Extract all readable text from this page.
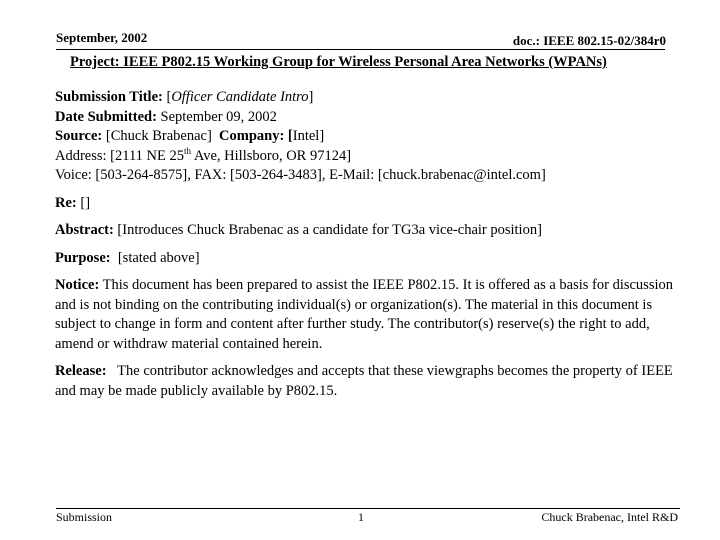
September, 2002	doc.: IEEE 802.15-02/384r0
Project: IEEE P802.15 Working Group for Wireless Personal Area Networks (WPANs)

Submission Title: [Officer Candidate Intro]

Date Submitted: September 09, 2002

Source: [Chuck Brabenac] Company: [Intel]

Address: [2111 NE 25th Ave, Hillsboro, OR 97124]

Voice: [503-264-8575], FAX: [503-264-3483], E-Mail: [chuck.brabenac@intel.com]

Re: []

Abstract: [Introduces Chuck Brabenac as a candidate for TG3a vice-chair position]

Purpose: [stated above]

Notice: This document has been prepared to assist the IEEE P802.15. It is offered as a basis for discussion and is not binding on the contributing individual(s) or organization(s). The material in this document is subject to change in form and content after further study. The contributor(s) reserve(s) the right to add, amend or withdraw material contained herein.

Release: The contributor acknowledges and accepts that these viewgraphs becomes the property of IEEE and may be made publicly available by P802.15.

Submission	1	Chuck Brabenac, Intel R&D
